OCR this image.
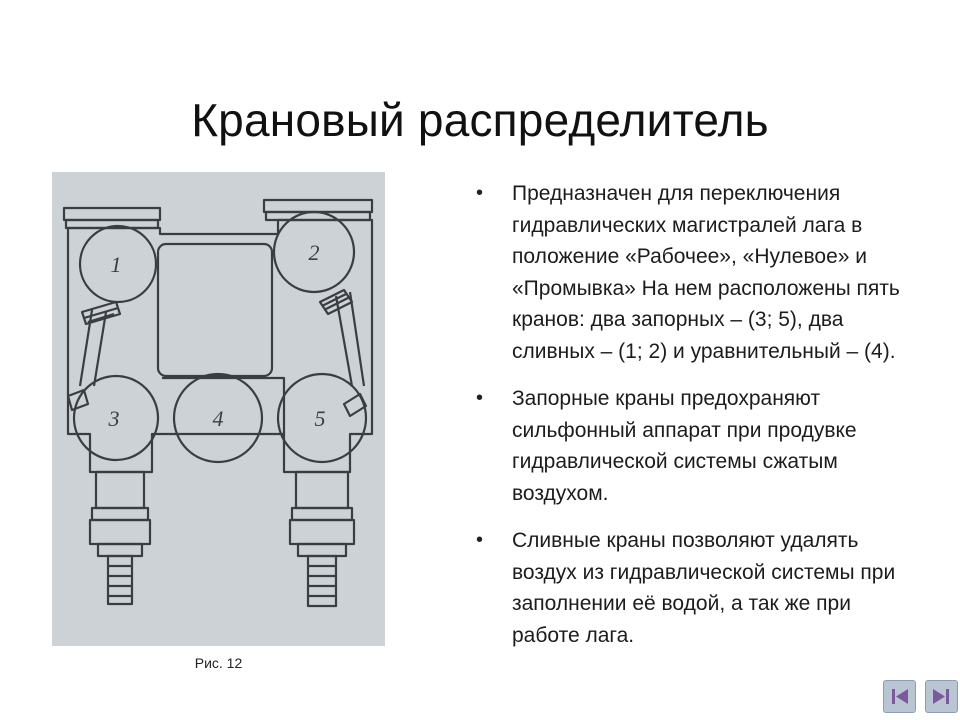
Крановый распределитель
1	2
3	4	5
Рис. 12
• Предназначен для переключения гидравлических магистралей лага в положение «Рабочее», «Нулевое» и «Промывка» На нем расположены пять кранов: два запорных – (3; 5), два сливных – (1; 2) и уравнительный – (4).
• Запорные краны предохраняют сильфонный аппарат при продувке гидравлической системы сжатым воздухом.
• Сливные краны позволяют удалять воздух из гидравлической системы при заполнении её водой, а так же при работе лага.
